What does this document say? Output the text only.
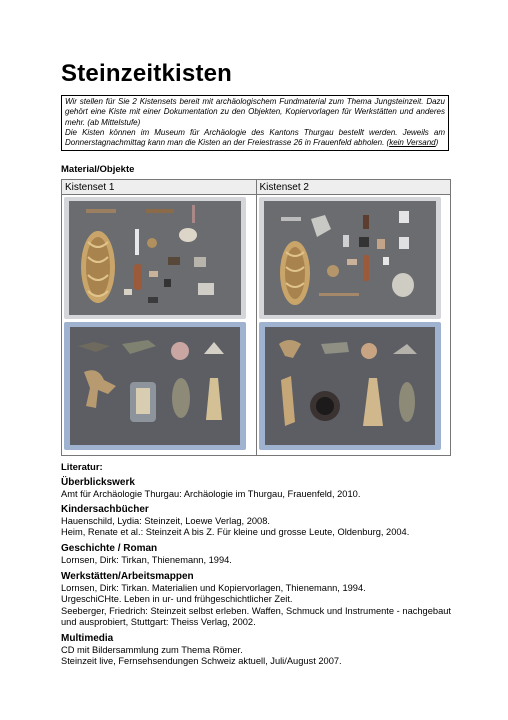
Steinzeitkisten

Wir stellen für Sie 2 Kistensets bereit mit archäologischem Fundmaterial zum Thema Jungsteinzeit. Dazu gehört eine Kiste mit einer Dokumentation zu den Objekten, Kopiervorlagen für Werkstätten und anderes mehr. (ab Mittelstufe)

Die Kisten können im Museum für Archäologie des Kantons Thurgau bestellt werden. Jeweils am Donnerstagnachmittag kann man die Kisten an der Freiestrasse 26 in Frauenfeld abholen. (kein Versand)

Material/Objekte
Kistenset 1	Kistenset 2

Literatur:
Überblickswerk
Amt für Archäologie Thurgau: Archäologie im Thurgau, Frauenfeld, 2010.
Kindersachbücher
Hauenschild, Lydia: Steinzeit, Loewe Verlag, 2008.
Heim, Renate et al.: Steinzeit A bis Z. Für kleine und grosse Leute, Oldenburg, 2004.
Geschichte / Roman
Lornsen, Dirk: Tirkan, Thienemann, 1994.
Werkstätten/Arbeitsmappen
Lornsen, Dirk: Tirkan. Materialien und Kopiervorlagen, Thienemann, 1994.
UrgeschiCHte. Leben in ur- und frühgeschichtlicher Zeit.
Seeberger, Friedrich: Steinzeit selbst erleben. Waffen, Schmuck und Instrumente - nachgebaut und ausprobiert, Stuttgart: Theiss Verlag, 2002.
Multimedia
CD mit Bildersammlung zum Thema Römer.
Steinzeit live, Fernsehsendungen Schweiz aktuell, Juli/August 2007.
